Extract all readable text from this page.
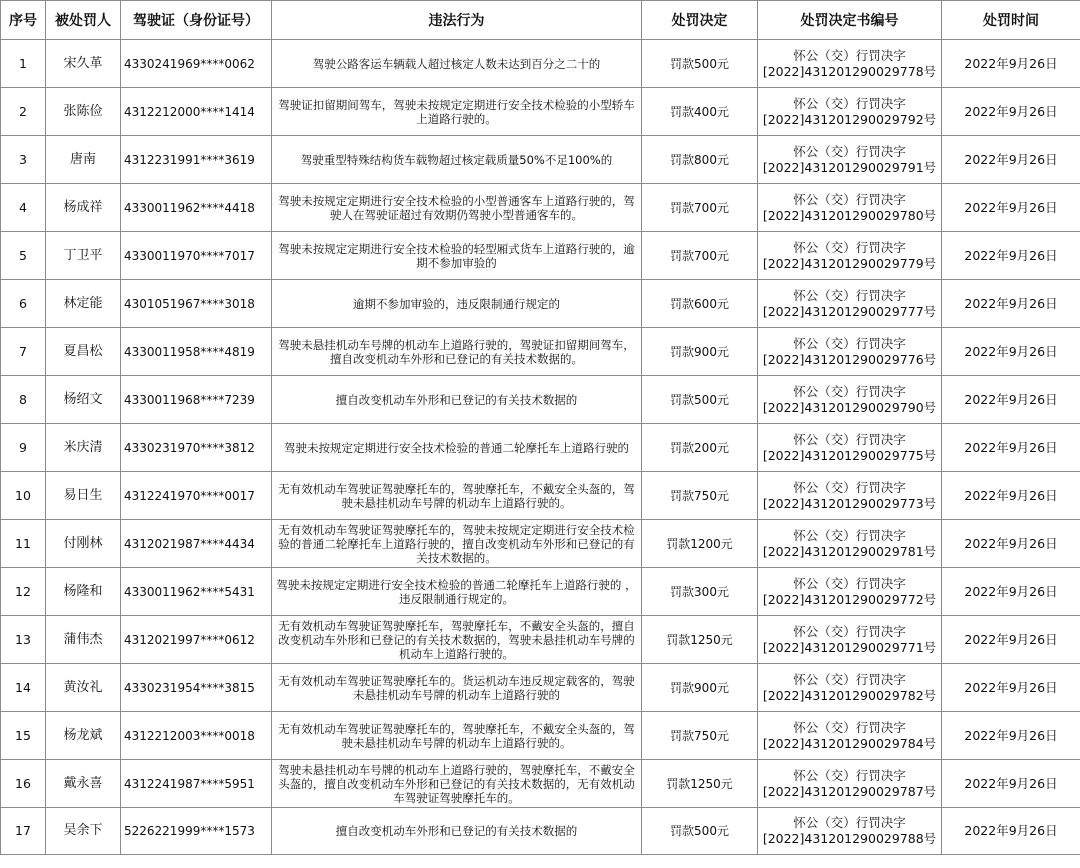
序号	被处罚人	驾驶证（身份证号）	违法行为	处罚决定	处罚决定书编号	处罚时间
1	宋久革	4330241969****0062	驾驶公路客运车辆载人超过核定人数未达到百分之二十的	罚款500元	怀公（交）行罚决字
[2022]43120129002977​8号	2022年9月26日
2	张陈俭	4312212000****1414	驾驶证扣留期间驾车，驾驶未按规定定期进行安全技术检验的小型轿车上道路行驶的。	罚款400元	怀公（交）行罚决字
[2022]431201290029792号	2022年9月26日
3	唐南	4312231991****3619	驾驶重型特殊结构货车载物超过核定载质量50%不足100%的	罚款800元	怀公（交）行罚决字
[2022]431201290029791号	2022年9月26日
4	杨成祥	4330011962****4418	驾驶未按规定定期进行安全技术检验的小型普通客车上道路行驶的，驾驶人在驾驶证超过有效期仍驾驶小型普通客车的。	罚款700元	怀公（交）行罚决字
[2022]431201290029780号	2022年9月26日
5	丁卫平	4330011970****7017	驾驶未按规定定期进行安全技术检验的轻型厢式货车上道路行驶的，逾期不参加审验的	罚款700元	怀公（交）行罚决字
[2022]431201290029779号	2022年9月26日
6	林定能	4301051967****3018	逾期不参加审验的，违反限制通行规定的	罚款600元	怀公（交）行罚决字
[2022]431201290029777号	2022年9月26日
7	夏昌松	4330011958****4819	驾驶未悬挂机动车号牌的机动车上道路行驶的，驾驶证扣留期间驾车，擅自改变机动车外形和已登记的有关技术数据的。	罚款900元	怀公（交）行罚决字
[2022]431201290029776号	2022年9月26日
8	杨绍文	4330011968****7239	擅自改变机动车外形和已登记的有关技术数据的	罚款500元	怀公（交）行罚决字
[2022]431201290029790号	2022年9月26日
9	米庆清	4330231970****3812	驾驶未按规定定期进行安全技术检验的普通二轮摩托车上道路行驶的	罚款200元	怀公（交）行罚决字
[2022]431201290029775号	2022年9月26日
10	易日生	4312241970****0017	无有效机动车驾驶证驾驶摩托车的，驾驶摩托车，不戴安全头盔的，驾驶未悬挂机动车号牌的机动车上道路行驶的。	罚款750元	怀公（交）行罚决字
[2022]431201290029773号	2022年9月26日
11	付刚林	4312021987****4434	无有效机动车驾驶证驾驶摩托车的，驾驶未按规定定期进行安全技术检验的普通二轮摩托车上道路行驶的，擅自改变机动车外形和已登记的有关技术数据的。	罚款1200元	怀公（交）行罚决字
[2022]431201290029781号	2022年9月26日
12	杨隆和	4330011962****5431	驾驶未按规定定期进行安全技术检验的普通二轮摩托车上道路行驶的 ，违反限制通行规定的。	罚款300元	怀公（交）行罚决字
[2022]431201290029772号	2022年9月26日
13	蒲伟杰	4312021997****0612	无有效机动车驾驶证驾驶摩托车，驾驶摩托车，不戴安全头盔的，擅自改变机动车外形和已登记的有关技术数据的，驾驶未悬挂机动车号牌的机动车上道路行驶的。	罚款1250元	怀公（交）行罚决字
[2022]431201290029771号	2022年9月26日
14	黄汝礼	4330231954****3815	无有效机动车驾驶证驾驶摩托车的。货运机动车违反规定载客的，驾驶未悬挂机动车号牌的机动车上道路行驶的	罚款900元	怀公（交）行罚决字
[2022]431201290029782号	2022年9月26日
15	杨龙斌	4312212003****0018	无有效机动车驾驶证驾驶摩托车的，驾驶摩托车，不戴安全头盔的，驾驶未悬挂机动车号牌的机动车上道路行驶的。	罚款750元	怀公（交）行罚决字
[2022]431201290029784号	2022年9月26日
16	戴永喜	4312241987****5951	驾驶未悬挂机动车号牌的机动车上道路行驶的，驾驶摩托车，不戴安全头盔的，擅自改变机动车外形和已登记的有关技术数据的，无有效机动车驾驶证驾驶摩托车的。	罚款1250元	怀公（交）行罚决字
[2022]431201290029787号	2022年9月26日
17	吴余下	5226221999****1573	擅自改变机动车外形和已登记的有关技术数据的	罚款500元	怀公（交）行罚决字
[2022]431201290029788号	2022年9月26日
